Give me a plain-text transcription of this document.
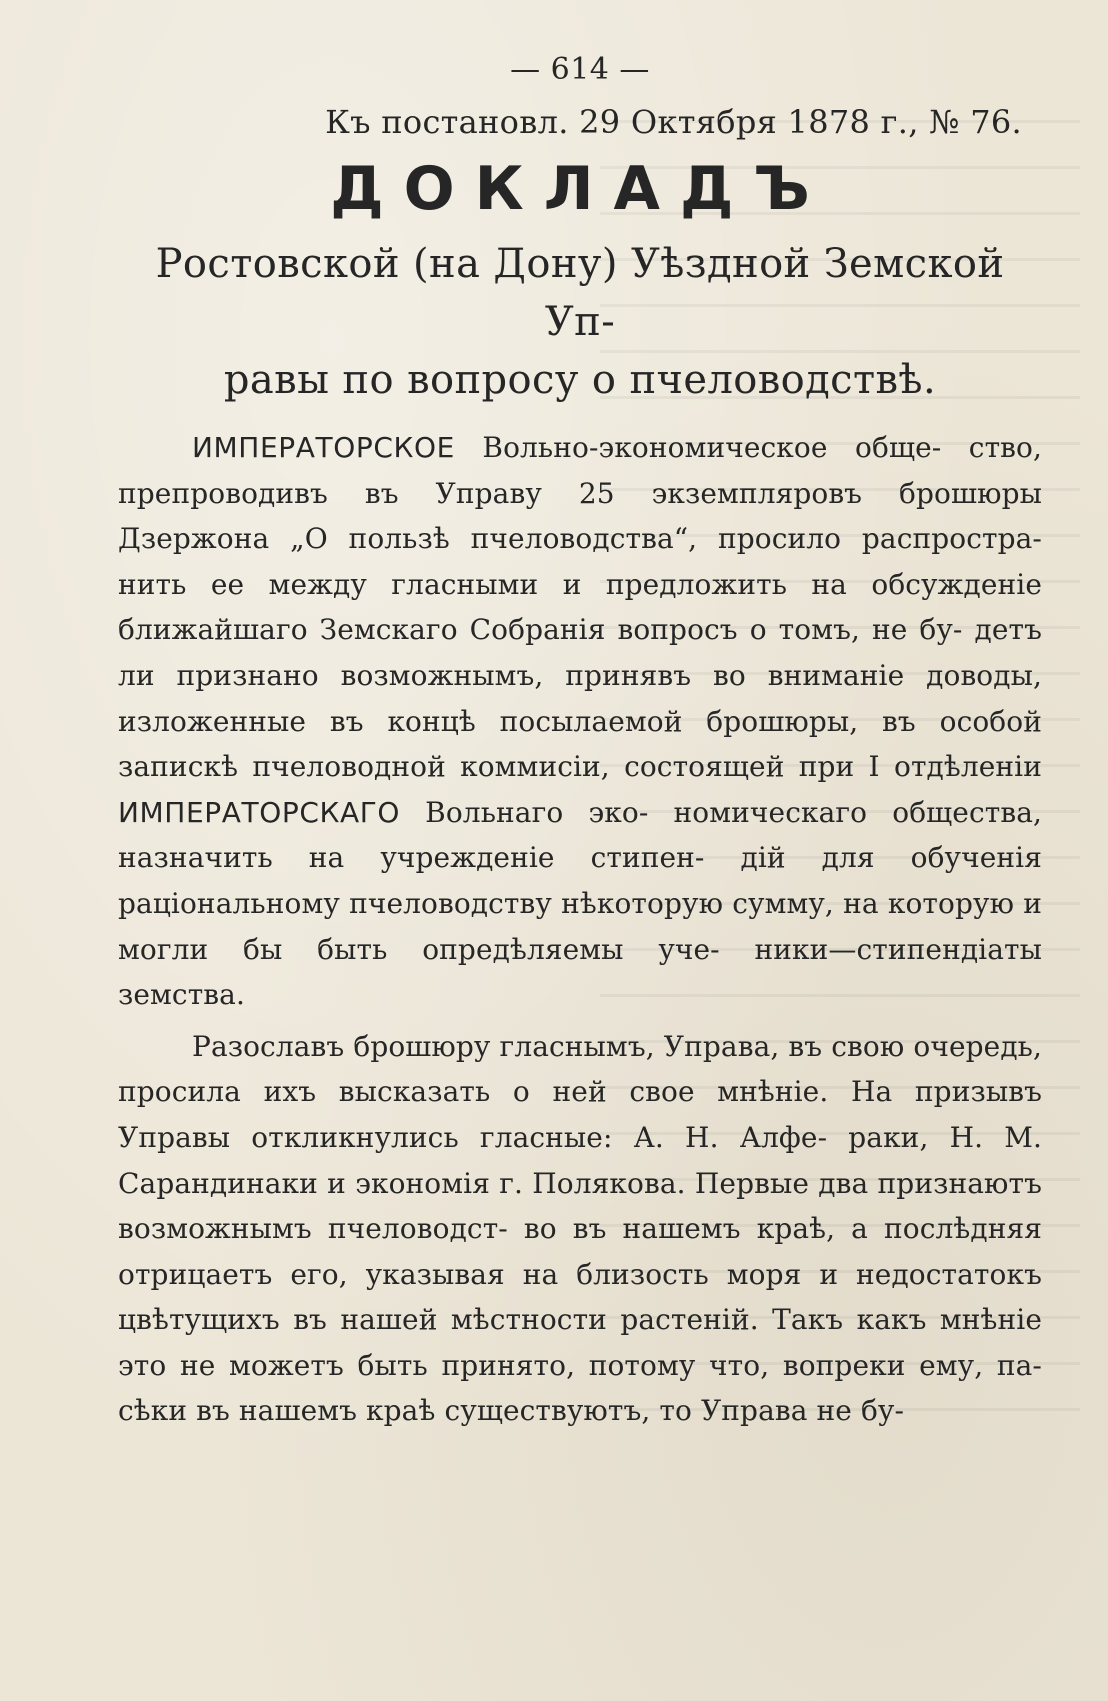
— 614 —
Къ постановл. 29 Октября 1878 г., № 76.
ДОКЛАДЪ
Ростовской (на Дону) Уѣздной Земской Уп-
равы по вопросу о пчеловодствѣ.

ИМПЕРАТОРСКОЕ Вольно-экономическое обще- ство, препроводивъ въ Управу 25 экземпляровъ брошюры Дзержона „О пользѣ пчеловодства“, просило распростра- нить ее между гласными и предложить на обсужденіе ближайшаго Земскаго Собранія вопросъ о томъ, не бу- детъ ли признано возможнымъ, принявъ во вниманіе доводы, изложенные въ концѣ посылаемой брошюры, въ особой запискѣ пчеловодной коммисіи, состоящей при І отдѣленіи ИМПЕРАТОРСКАГО Вольнаго эко- номическаго общества, назначить на учрежденіе стипен- дій для обученія раціональному пчеловодству нѣкоторую сумму, на которую и могли бы быть опредѣляемы уче- ники—стипендіаты земства.

Разославъ брошюру гласнымъ, Управа, въ свою очередь, просила ихъ высказать о ней свое мнѣніе. На призывъ Управы откликнулись гласные: А. Н. Алфе- раки, Н. М. Сарандинаки и экономія г. Полякова. Первые два признаютъ возможнымъ пчеловодст- во въ нашемъ краѣ, а послѣдняя отрицаетъ его, указывая на близость моря и недостатокъ цвѣтущихъ въ нашей мѣстности растеній. Такъ какъ мнѣніе это не можетъ быть принято, потому что, вопреки ему, па- сѣки въ нашемъ краѣ существуютъ, то Управа не бу-
